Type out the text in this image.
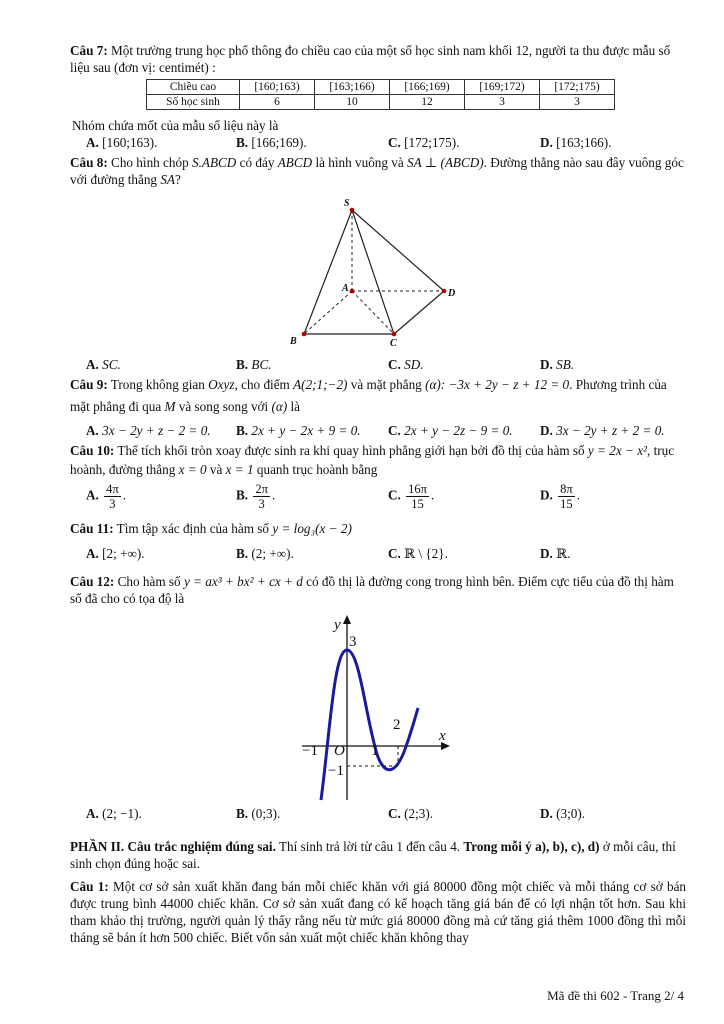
Câu 7: Một trường trung học phổ thông đo chiều cao của một số học sinh nam khối 12, người ta thu được mẫu số liệu sau (đơn vị: centimét) :
Chiều cao	[160;163)	[163;166)	[166;169)	[169;172)	[172;175)
Số học sinh	6	10	12	3	3
Nhóm chứa mốt của mẫu số liệu này là
A. [160;163).	B. [166;169).	C. [172;175).	D. [163;166).
Câu 8: Cho hình chóp S.ABCD có đáy ABCD là hình vuông và SA ⊥ (ABCD). Đường thẳng nào sau đây vuông góc với đường thẳng SA?
S
A
B	C
D
A. SC.	B. BC.	C. SD.	D. SB.
Câu 9: Trong không gian Oxyz, cho điểm A(2;1;−2) và mặt phẳng (α): −3x + 2y − z + 12 = 0. Phương trình của mặt phẳng đi qua M và song song với (α) là
A. 3x − 2y + z − 2 = 0. B. 2x + y − 2x + 9 = 0. C. 2x + y − 2z − 9 = 0. D. 3x − 2y + z + 2 = 0.
Câu 10: Thể tích khối tròn xoay được sinh ra khi quay hình phẳng giới hạn bởi đồ thị của hàm số y = 2x − x², trục hoành, đường thẳng x = 0 và x = 1 quanh trục hoành bằng
A. $\frac{4\pi}{3}$ .	B. $\frac{2\pi}{3}$ .	C. $\frac{16\pi}{15}$ .	D. $\frac{8\pi}{15}$ .
Câu 11: Tìm tập xác định của hàm số y = log₃(x − 2)
A. [2; +∞).	B. (2; +∞).	C. ℝ \ {2}.	D. ℝ.
Câu 12: Cho hàm số y = ax³ + bx² + cx + d có đồ thị là đường cong trong hình bên. Điểm cực tiểu của đồ thị hàm số đã cho có tọa độ là
y
x
O
3
2
1
−1
−1
A. (2; −1).	B. (0;3).	C. (2;3).	D. (3;0).
PHẦN II. Câu trắc nghiệm đúng sai. Thí sinh trả lời từ câu 1 đến câu 4. Trong mỗi ý a), b), c), d) ở mỗi câu, thí sinh chọn đúng hoặc sai.
Câu 1: Một cơ sở sản xuất khăn đang bán mỗi chiếc khăn với giá 80000 đồng một chiếc và mỗi tháng cơ sở bán được trung bình 44000 chiếc khăn. Cơ sở sản xuất đang có kế hoạch tăng giá bán để có lợi nhận tốt hơn. Sau khi tham khảo thị trường, người quản lý thấy rằng nếu từ mức giá 80000 đồng mà cứ tăng giá thêm 1000 đồng thì mỗi tháng sẽ bán ít hơn 500 chiếc. Biết vốn sản xuất một chiếc khăn không thay
Mã đề thi 602 - Trang 2/ 4
